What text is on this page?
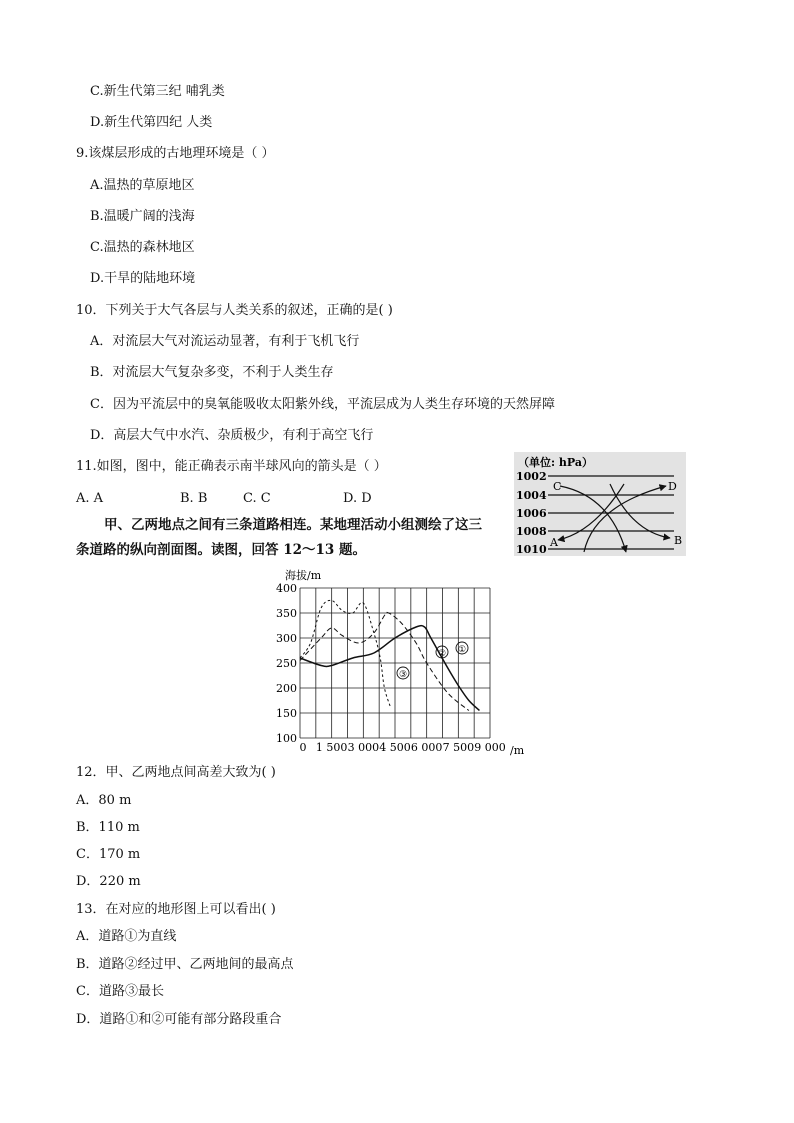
C.新生代第三纪 哺乳类
D.新生代第四纪 人类
9.该煤层形成的古地理环境是（ ）
A.温热的草原地区
B.温暖广阔的浅海
C.温热的森林地区
D.干旱的陆地环境
10．下列关于大气各层与人类关系的叙述，正确的是( )
A．对流层大气对流运动显著，有利于飞机飞行
B．对流层大气复杂多变，不利于人类生存
C．因为平流层中的臭氧能吸收太阳紫外线，平流层成为人类生存环境的天然屏障
D．高层大气中水汽、杂质极少，有利于高空飞行
11.如图，图中，能正确表示南半球风向的箭头是（ ）
A. A	B. B	C. C	D. D
甲、乙两地点之间有三条道路相连。某地理活动小组测绘了这三
条道路的纵向剖面图。读图，回答 12～13 题。
（单位: hPa）
1002
1004
1006
1008
1010
A	B
C	D
海拔/m
100
150
200
250
300
350
400
0 1 500 3 000 4 500 6 000 7 500 9 000 /m
①
②
③
12．甲、乙两地点间高差大致为( )
A．80 m
B．110 m
C．170 m
D．220 m
13．在对应的地形图上可以看出( )
A．道路①为直线
B．道路②经过甲、乙两地间的最高点
C．道路③最长
D．道路①和②可能有部分路段重合
